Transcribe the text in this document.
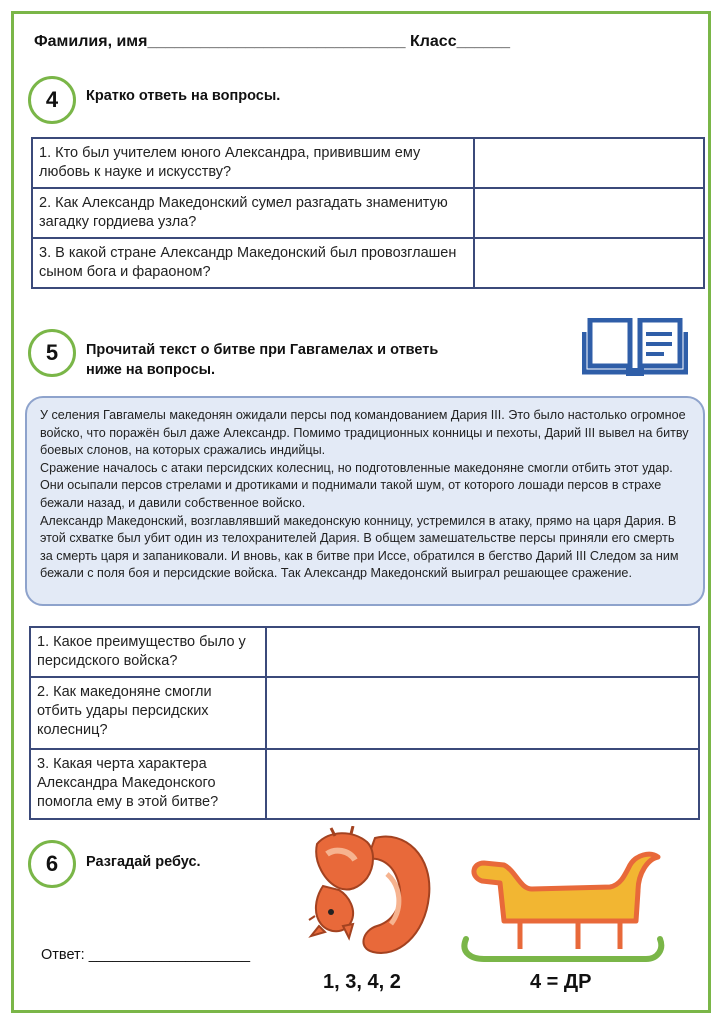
Фамилия, имя_____________________________ Класс______
4	Кратко ответь на вопросы.
1. Кто был учителем юного Александра, привившим ему любовь к науке и искусству?	
2. Как Александр Македонский сумел разгадать знаменитую загадку гордиева узла?	
3. В какой стране Александр Македонский был провозглашен сыном бога и фараоном?	
5	Прочитай текст о битве при Гавгамелах и ответь
ниже на вопросы.

У селения Гавгамелы македонян ожидали персы под командованием Дария III. Это было настолько огромное войско, что поражён был даже Александр. Помимо традиционных конницы и пехоты, Дарий III вывел на битву боевых слонов, на которых сражались индийцы.

Сражение началось с атаки персидских колесниц, но подготовленные македоняне смогли отбить этот удар. Они осыпали персов стрелами и дротиками и поднимали такой шум, от которого лошади персов в страхе бежали назад, и давили собственное войско.

Александр Македонский, возглавлявший македонскую конницу, устремился в атаку, прямо на царя Дария. В этой схватке был убит один из телохранителей Дария. В общем замешательстве персы приняли его смерть за смерть царя и запаниковали. И вновь, как в битве при Иссе, обратился в бегство Дарий III Следом за ним бежали с поля боя и персидские войска. Так Александр Македонский выиграл решающее сражение.

1. Какое преимущество было у персидского войска?	
2. Как македоняне смогли отбить удары персидских колесниц?	
3. Какая черта характера Александра Македонского помогла ему в этой битве?	
6	Разгадай ребус.
Ответ: ____________________
1, 3, 4, 2	4 = ДР
